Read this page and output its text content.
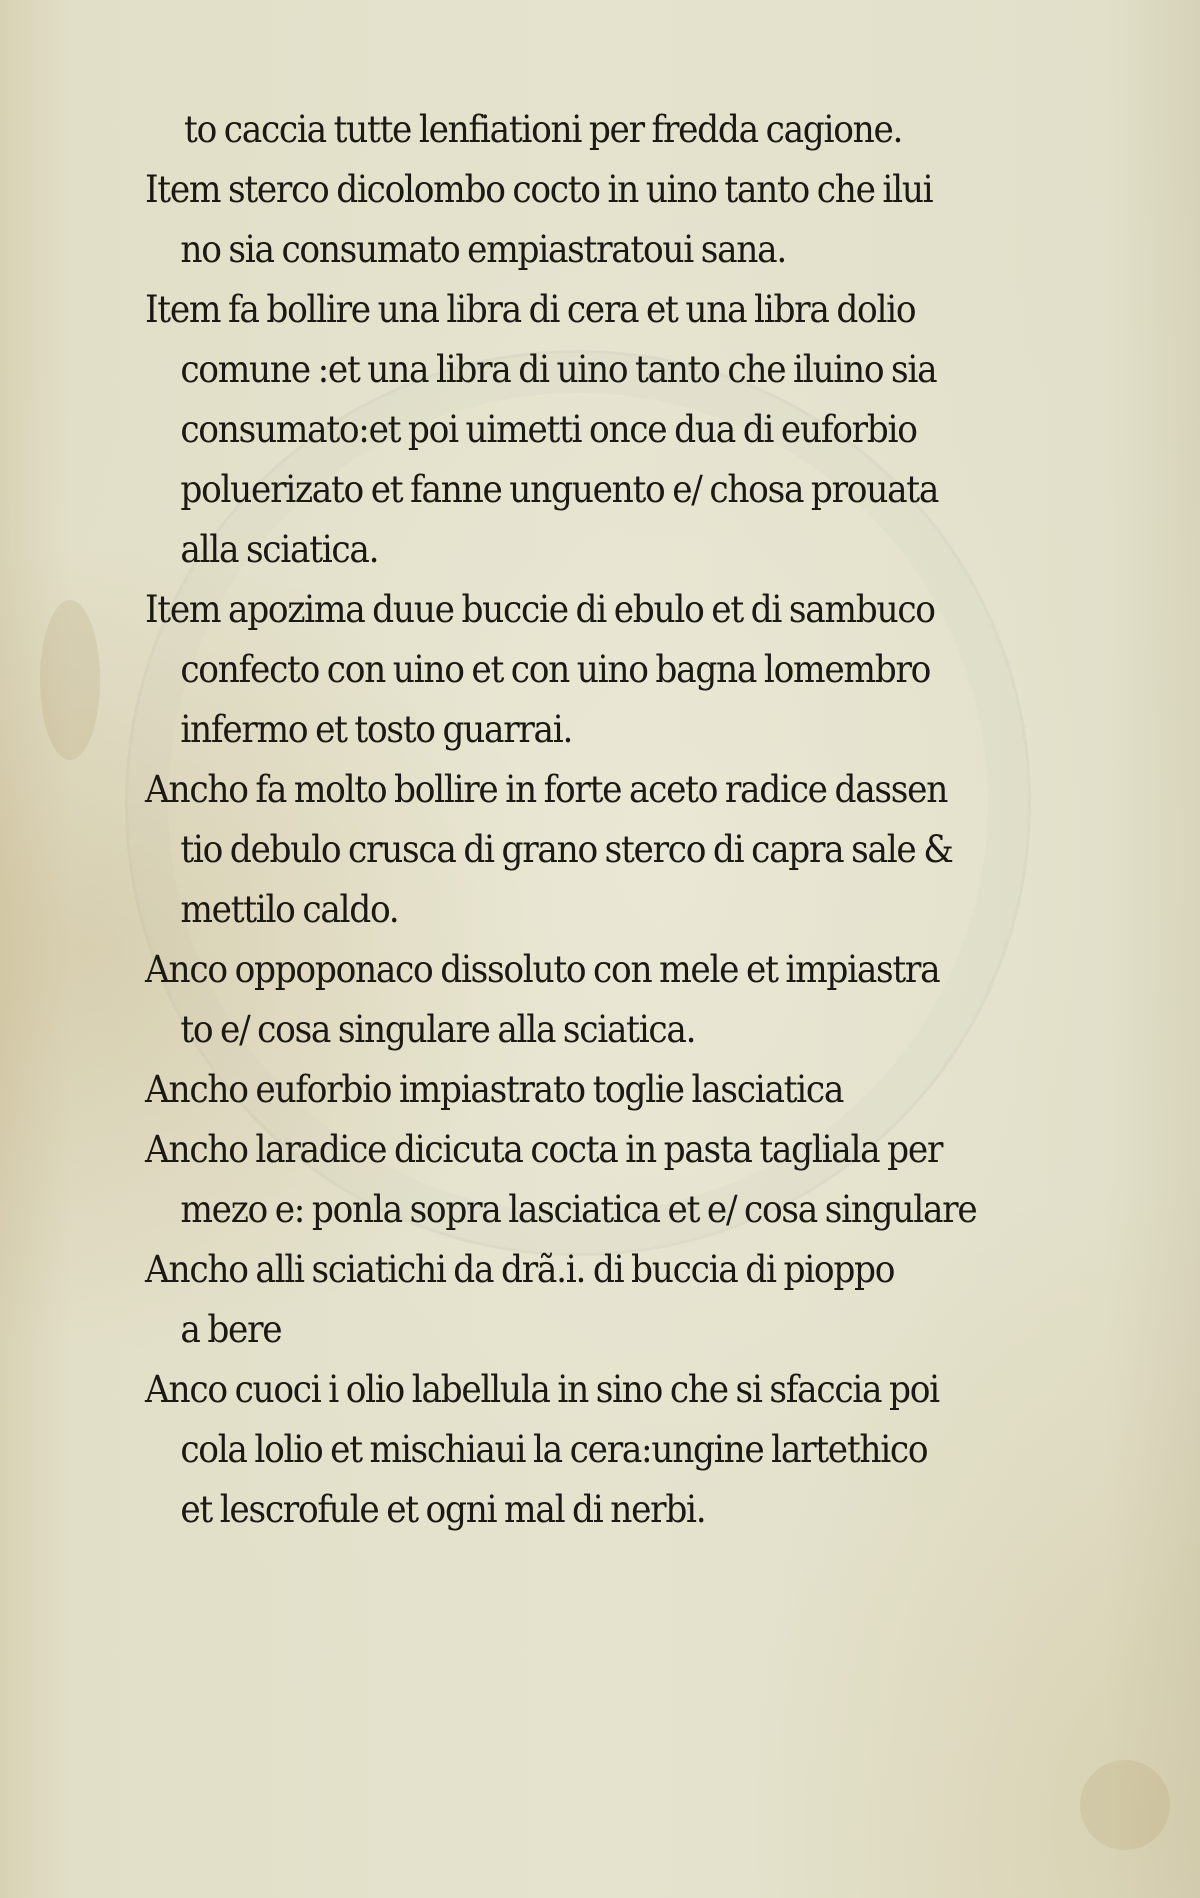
to caccia tutte lenfiationi per fredda cagione.
Item sterco dicolombo cocto in uino tanto che ilui
no sia consumato empiastratoui sana.
Item fa bollire una libra di cera et una libra dolio
comune :et una libra di uino tanto che iluino sia
consumato:et poi uimetti once dua di euforbio
poluerizato et fanne unguento e/ chosa prouata
alla sciatica.
Item apozima duue buccie di ebulo et di sambuco
confecto con uino et con uino bagna lomembro
infermo et tosto guarrai.
Ancho fa molto bollire in forte aceto radice dassen
tio debulo crusca di grano sterco di capra sale &
mettilo caldo.
Anco oppoponaco dissoluto con mele et impiastra
to e/ cosa singulare alla sciatica.
Ancho euforbio impiastrato toglie lasciatica
Ancho laradice dicicuta cocta in pasta tagliala per
mezo e: ponla sopra lasciatica et e/ cosa singulare
Ancho alli sciatichi da drã.i. di buccia di pioppo
a bere
Anco cuoci i olio labellula in sino che si sfaccia poi
cola lolio et mischiaui la cera:ungine lartethico
et lescrofule et ogni mal di nerbi.
